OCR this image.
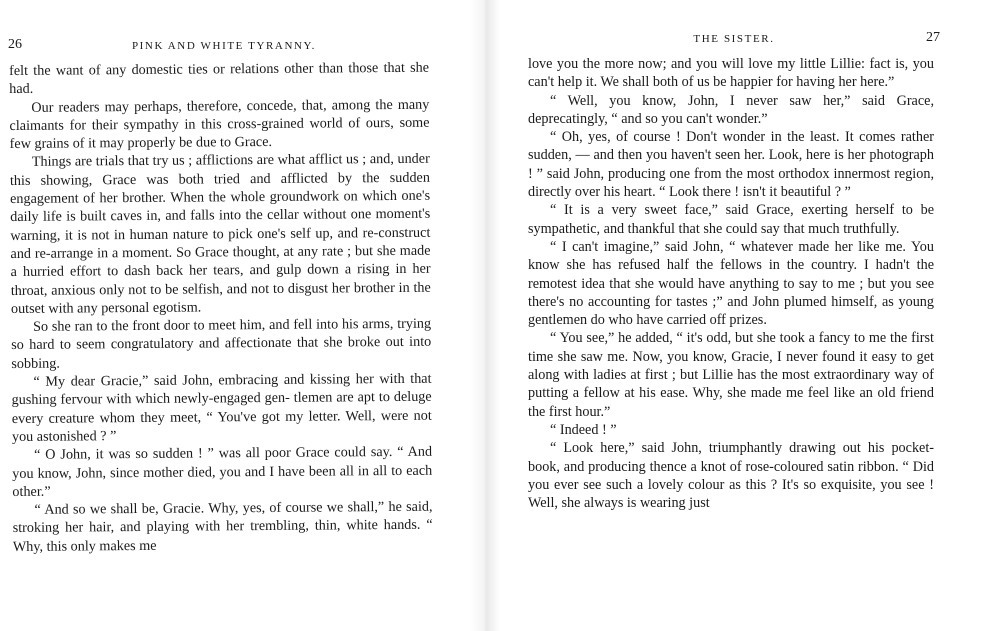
26	PINK AND WHITE TYRANNY.

felt the want of any domestic ties or relations other than those that she had.

Our readers may perhaps, therefore, concede, that, among the many claimants for their sympathy in this cross-grained world of ours, some few grains of it may properly be due to Grace.

Things are trials that try us ; afflictions are what afflict us ; and, under this showing, Grace was both tried and afflicted by the sudden engagement of her brother. When the whole groundwork on which one's daily life is built caves in, and falls into the cellar without one moment's warning, it is not in human nature to pick one's self up, and re-construct and re-arrange in a moment. So Grace thought, at any rate ; but she made a hurried effort to dash back her tears, and gulp down a rising in her throat, anxious only not to be selfish, and not to disgust her brother in the outset with any personal egotism.

So she ran to the front door to meet him, and fell into his arms, trying so hard to seem congratulatory and affectionate that she broke out into sobbing.

“ My dear Gracie,” said John, embracing and kissing her with that gushing fervour with which newly-engaged gen- tlemen are apt to deluge every creature whom they meet, “ You've got my letter. Well, were not you astonished ? ”

“ O John, it was so sudden ! ” was all poor Grace could say. “ And you know, John, since mother died, you and I have been all in all to each other.”

“ And so we shall be, Gracie. Why, yes, of course we shall,” he said, stroking her hair, and playing with her trembling, thin, white hands. “ Why, this only makes me

THE SISTER.	27

love you the more now; and you will love my little Lillie: fact is, you can't help it. We shall both of us be happier for having her here.”

“ Well, you know, John, I never saw her,” said Grace, deprecatingly, “ and so you can't wonder.”

“ Oh, yes, of course ! Don't wonder in the least. It comes rather sudden, — and then you haven't seen her. Look, here is her photograph ! ” said John, producing one from the most orthodox innermost region, directly over his heart. “ Look there ! isn't it beautiful ? ”

“ It is a very sweet face,” said Grace, exerting herself to be sympathetic, and thankful that she could say that much truthfully.

“ I can't imagine,” said John, “ whatever made her like me. You know she has refused half the fellows in the country. I hadn't the remotest idea that she would have anything to say to me ; but you see there's no accounting for tastes ;” and John plumed himself, as young gentlemen do who have carried off prizes.

“ You see,” he added, “ it's odd, but she took a fancy to me the first time she saw me. Now, you know, Gracie, I never found it easy to get along with ladies at first ; but Lillie has the most extraordinary way of putting a fellow at his ease. Why, she made me feel like an old friend the first hour.”

“ Indeed ! ”

“ Look here,” said John, triumphantly drawing out his pocket-book, and producing thence a knot of rose-coloured satin ribbon. “ Did you ever see such a lovely colour as this ? It's so exquisite, you see ! Well, she always is wearing just
